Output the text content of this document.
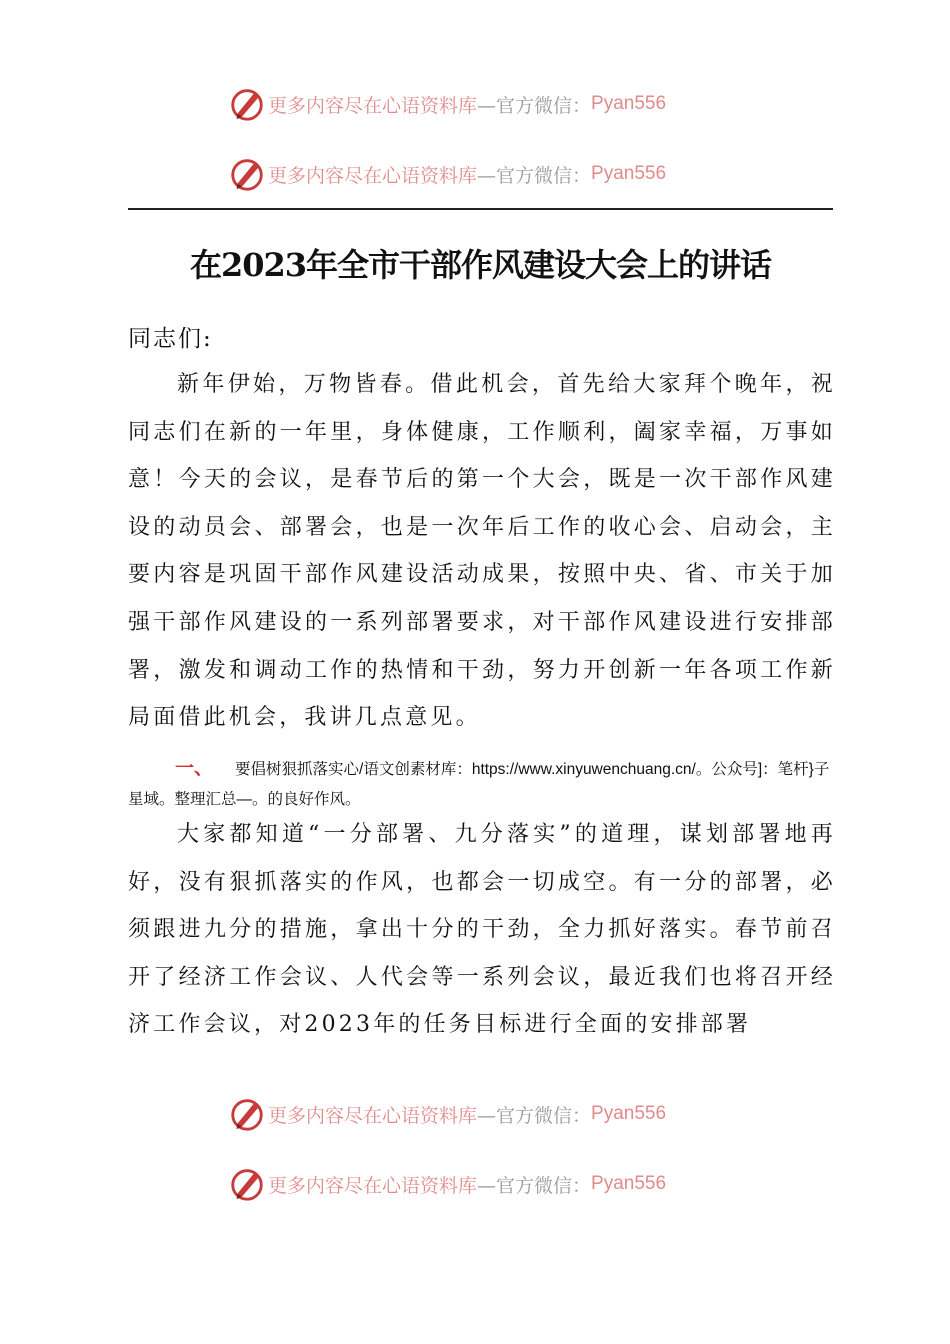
更多内容尽在心语资料库 —官方微信： Pyan556
更多内容尽在心语资料库 —官方微信： Pyan556
在2023年全市干部作风建设大会上的讲话
同志们:
新年伊始，万物皆春。借此机会，首先给大家拜个晚年，祝同志们在新的一年里，身体健康，工作顺利，阖家幸福，万事如意！今天的会议，是春节后的第一个大会，既是一次干部作风建设的动员会、部署会，也是一次年后工作的收心会、启动会，主要内容是巩固干部作风建设活动成果，按照中央、省、市关于加强干部作风建设的一系列部署要求，对干部作风建设进行安排部署，激发和调动工作的热情和干劲，努力开创新一年各项工作新局面借此机会，我讲几点意见。
一、 要倡树狠抓落实心/语文创素材库：https://www.xinyuwenchuang.cn/。公众号]：笔杆}子星域。整理汇总—。的良好作风。
大家都知道“一分部署、九分落实”的道理，谋划部署地再好，没有狠抓落实的作风，也都会一切成空。有一分的部署，必须跟进九分的措施，拿出十分的干劲，全力抓好落实。春节前召开了经济工作会议、人代会等一系列会议，最近我们也将召开经济工作会议，对2023年的任务目标进行全面的安排部署
更多内容尽在心语资料库 —官方微信： Pyan556
更多内容尽在心语资料库 —官方微信： Pyan556
